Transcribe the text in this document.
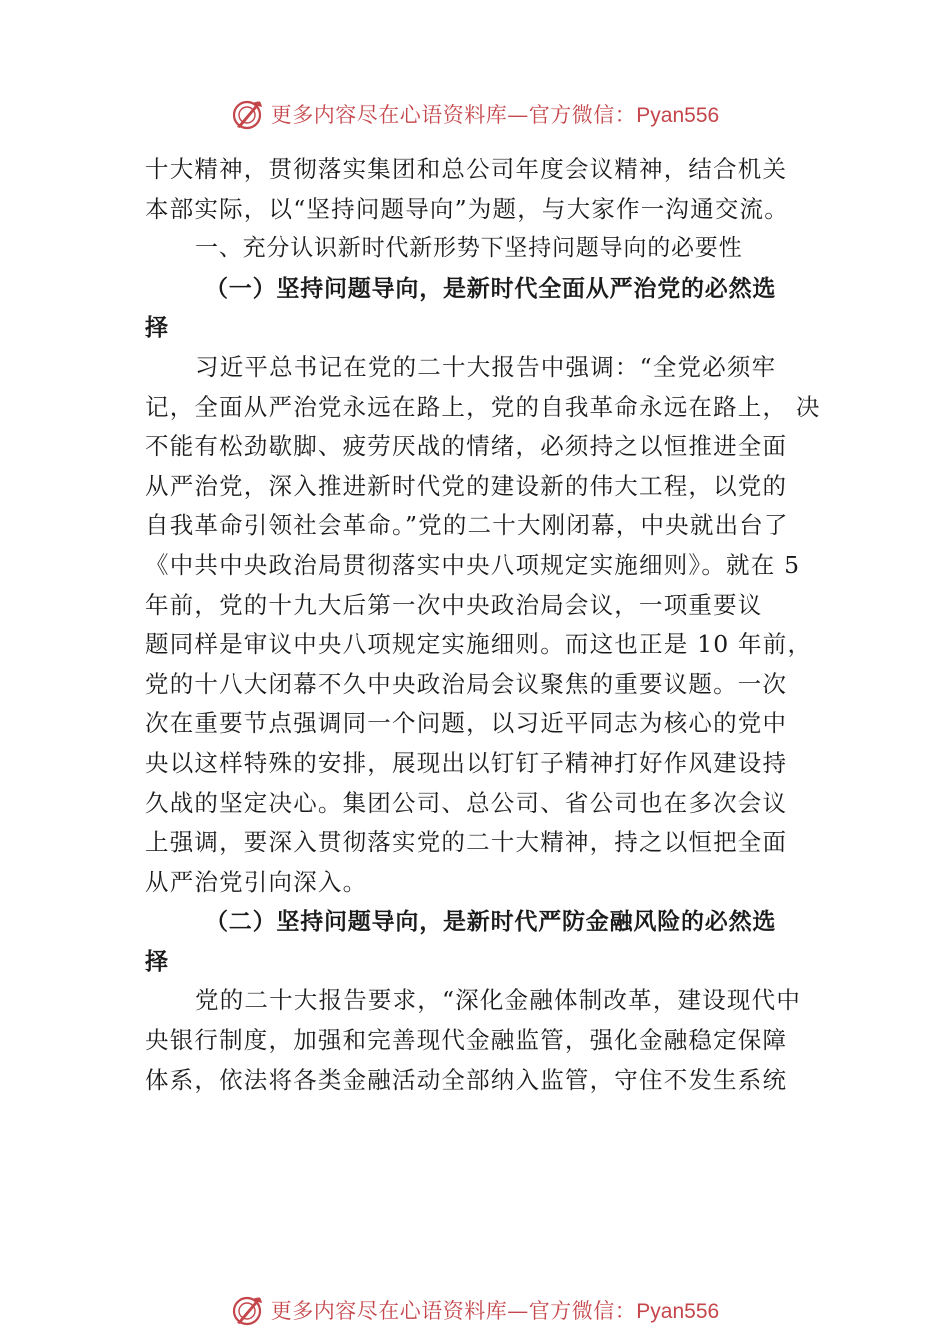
更多内容尽在心语资料库—官方微信：Pyan556
十大精神，贯彻落实集团和总公司年度会议精神，结合机关
本部实际，以“坚持问题导向”为题，与大家作一沟通交流。
一、充分认识新时代新形势下坚持问题导向的必要性
（一）坚持问题导向，是新时代全面从严治党的必然选
择
习近平总书记在党的二十大报告中强调：“全党必须牢
记，全面从严治党永远在路上，党的自我革命永远在路上， 决
不能有松劲歇脚、疲劳厌战的情绪，必须持之以恒推进全面
从严治党，深入推进新时代党的建设新的伟大工程，以党的
自我革命引领社会革命。”党的二十大刚闭幕，中央就出台了
《中共中央政治局贯彻落实中央八项规定实施细则》。就在 5
年前，党的十九大后第一次中央政治局会议，一项重要议
题同样是审议中央八项规定实施细则。而这也正是 10 年前，
党的十八大闭幕不久中央政治局会议聚焦的重要议题。一次
次在重要节点强调同一个问题，以习近平同志为核心的党中
央以这样特殊的安排，展现出以钉钉子精神打好作风建设持
久战的坚定决心。集团公司、总公司、省公司也在多次会议
上强调，要深入贯彻落实党的二十大精神，持之以恒把全面
从严治党引向深入。
（二）坚持问题导向，是新时代严防金融风险的必然选
择
党的二十大报告要求，“深化金融体制改革，建设现代中
央银行制度，加强和完善现代金融监管，强化金融稳定保障
体系，依法将各类金融活动全部纳入监管，守住不发生系统
更多内容尽在心语资料库—官方微信：Pyan556
